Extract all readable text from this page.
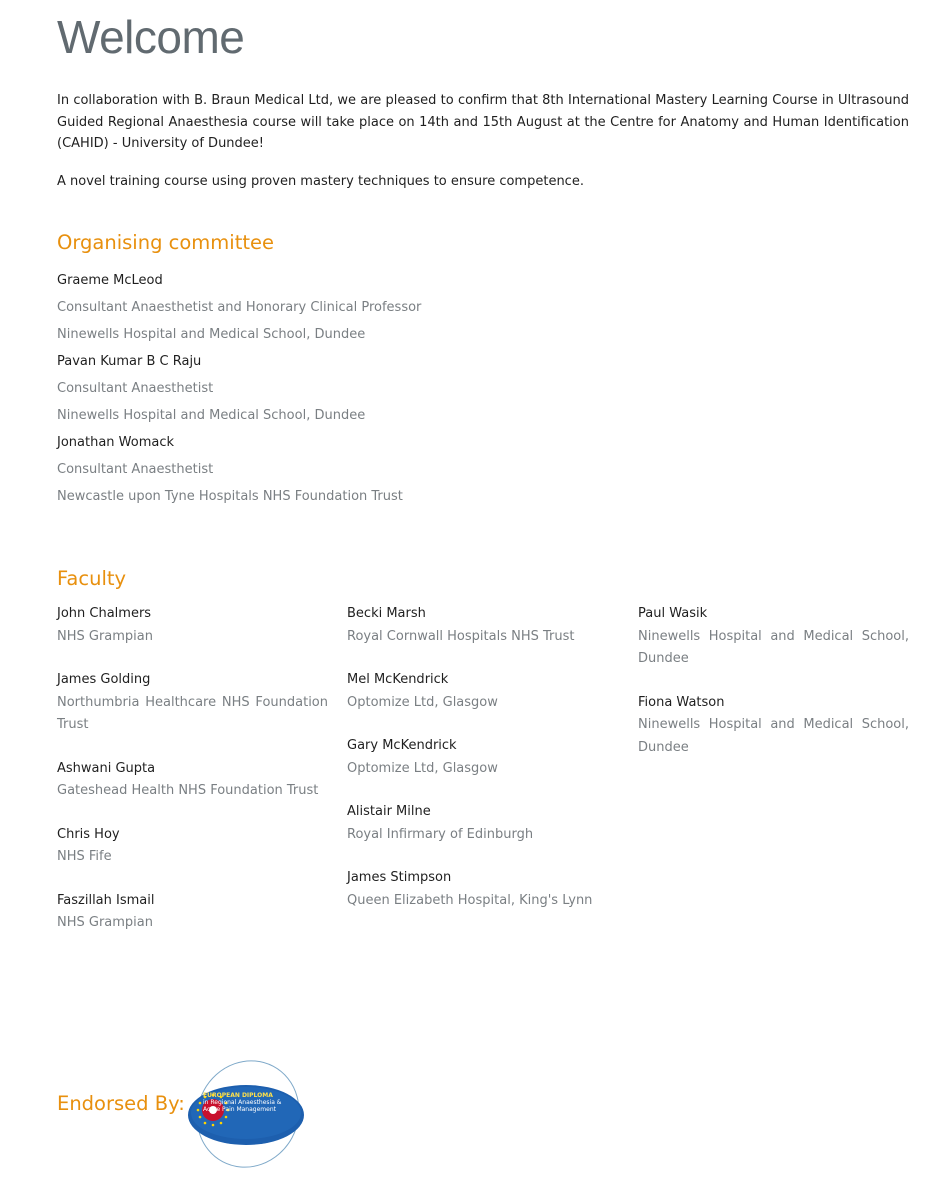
Welcome
In collaboration with B. Braun Medical Ltd, we are pleased to confirm that 8th International Mastery Learning Course in Ultrasound Guided Regional Anaesthesia course will take place on 14th and 15th August at the Centre for Anatomy and Human Identification (CAHID) - University of Dundee!
A novel training course using proven mastery techniques to ensure competence.
Organising committee
Graeme McLeod
Consultant Anaesthetist and Honorary Clinical Professor
Ninewells Hospital and Medical School, Dundee
Pavan Kumar B C Raju
Consultant Anaesthetist
Ninewells Hospital and Medical School, Dundee
Jonathan Womack
Consultant Anaesthetist
Newcastle upon Tyne Hospitals NHS Foundation Trust
Faculty
John Chalmers
NHS Grampian
James Golding
Northumbria Healthcare NHS Foundation Trust
Ashwani Gupta
Gateshead Health NHS Foundation Trust
Chris Hoy
NHS Fife
Faszillah Ismail
NHS Grampian
Becki Marsh
Royal Cornwall Hospitals NHS Trust
Mel McKendrick
Optomize Ltd, Glasgow
Gary McKendrick
Optomize Ltd, Glasgow
Alistair Milne
Royal Infirmary of Edinburgh
James Stimpson
Queen Elizabeth Hospital, King's Lynn
Paul Wasik
Ninewells Hospital and Medical School, Dundee
Fiona Watson
Ninewells Hospital and Medical School, Dundee
Endorsed By:	EUROPEAN DIPLOMA
in Regional Anaesthesia &
Acute Pain Management
